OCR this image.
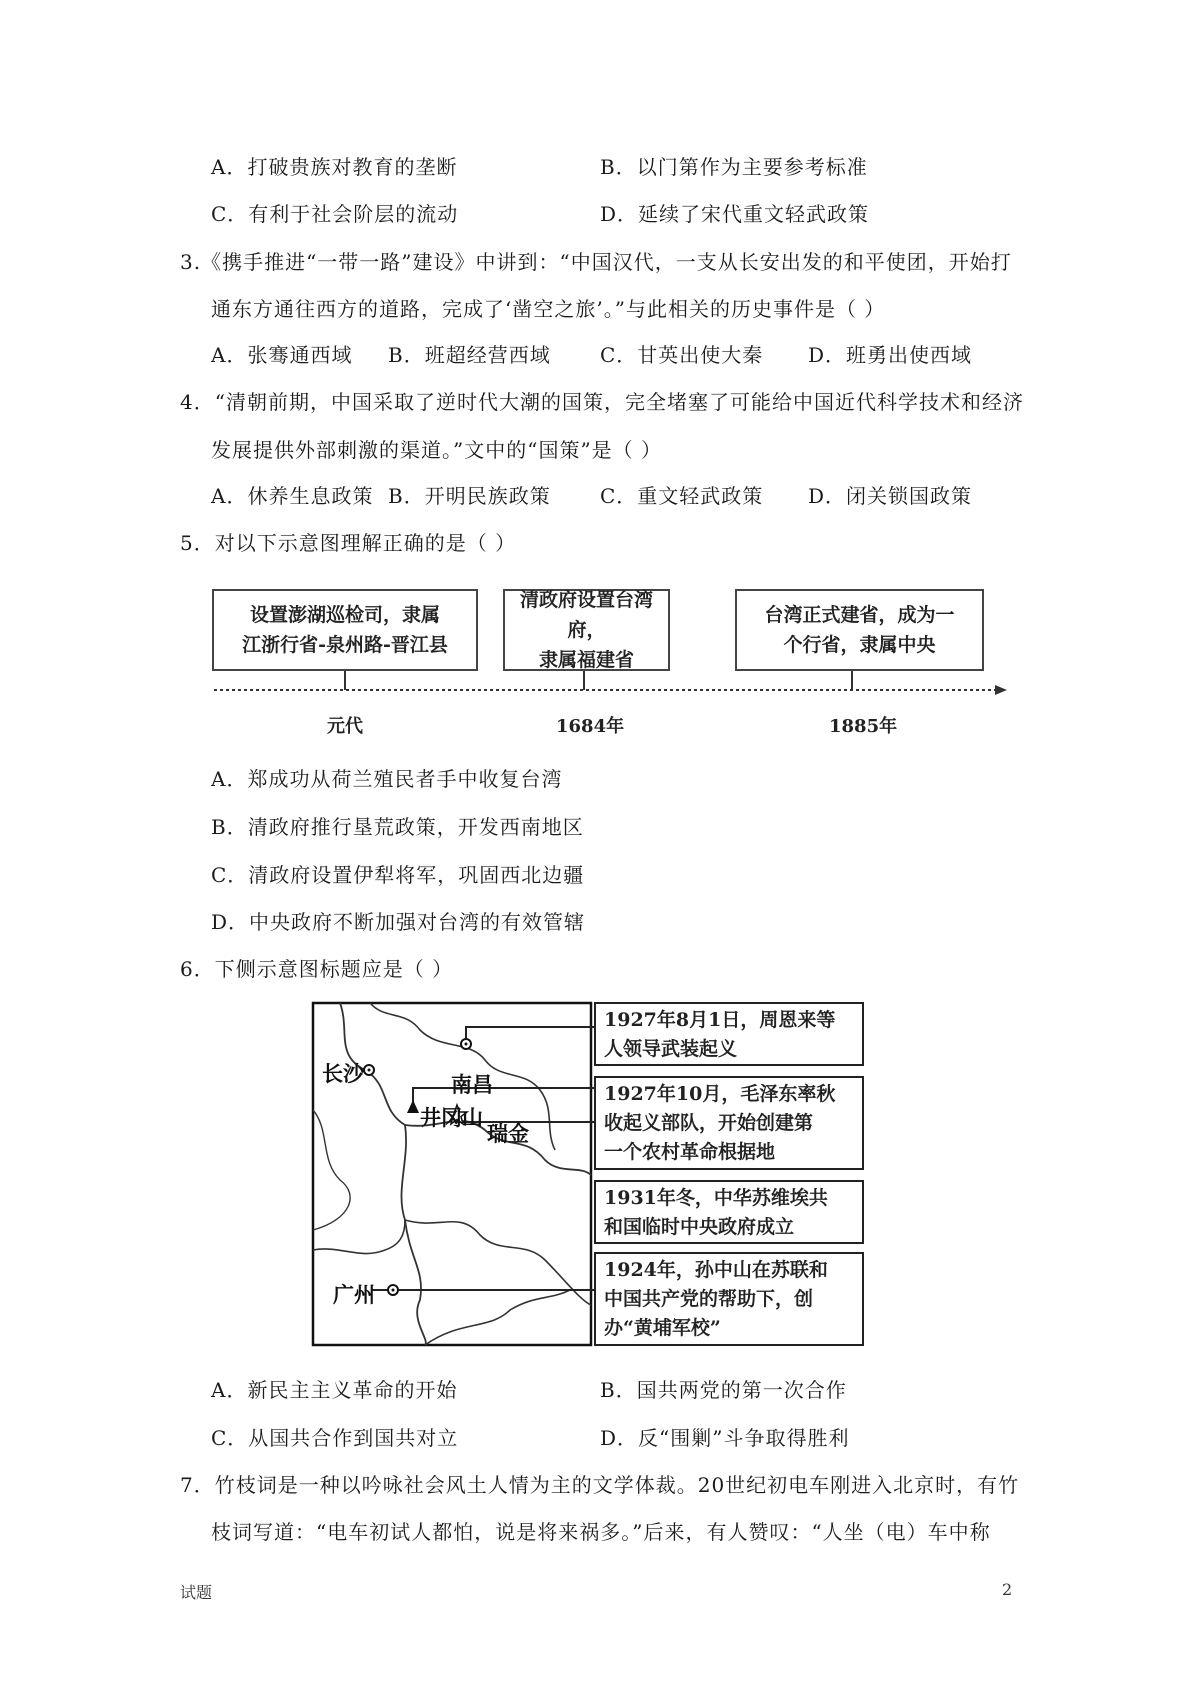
A．打破贵族对教育的垄断	B．以门第作为主要参考标准
C．有利于社会阶层的流动	D．延续了宋代重文轻武政策
3.《携手推进“一带一路”建设》中讲到：“中国汉代，一支从长安出发的和平使团，开始打
通东方通往西方的道路，完成了‘凿空之旅’。”与此相关的历史事件是（ ）
A．张骞通西域 B．班超经营西域 C．甘英出使大秦 D．班勇出使西域
4．“清朝前期，中国采取了逆时代大潮的国策，完全堵塞了可能给中国近代科学技术和经济
发展提供外部刺激的渠道。”文中的“国策”是（ ）
A．休养生息政策 B．开明民族政策 C．重文轻武政策 D．闭关锁国政策
5．对以下示意图理解正确的是（ ）
设置澎湖巡检司，隶属
江浙行省-泉州路-晋江县
清政府设置台湾府，
隶属福建省
台湾正式建省，成为一
个行省，隶属中央
元代	1684年	1885年
A．郑成功从荷兰殖民者手中收复台湾
B．清政府推行垦荒政策，开发西南地区
C．清政府设置伊犁将军，巩固西北边疆
D．中央政府不断加强对台湾的有效管辖
6．下侧示意图标题应是（ ）
长沙	南昌
井冈山
瑞金
广州
1927年8月1日，周恩来等
人领导武装起义
1927年10月，毛泽东率秋
收起义部队，开始创建第
一个农村革命根据地
1931年冬，中华苏维埃共
和国临时中央政府成立
1924年，孙中山在苏联和
中国共产党的帮助下，创
办“黄埔军校”
A．新民主主义革命的开始	B．国共两党的第一次合作
C．从国共合作到国共对立	D．反“围剿”斗争取得胜利
7．竹枝词是一种以吟咏社会风土人情为主的文学体裁。20世纪初电车刚进入北京时，有竹
枝词写道：“电车初试人都怕，说是将来祸多。”后来，有人赞叹：“人坐（电）车中称
试题	2
